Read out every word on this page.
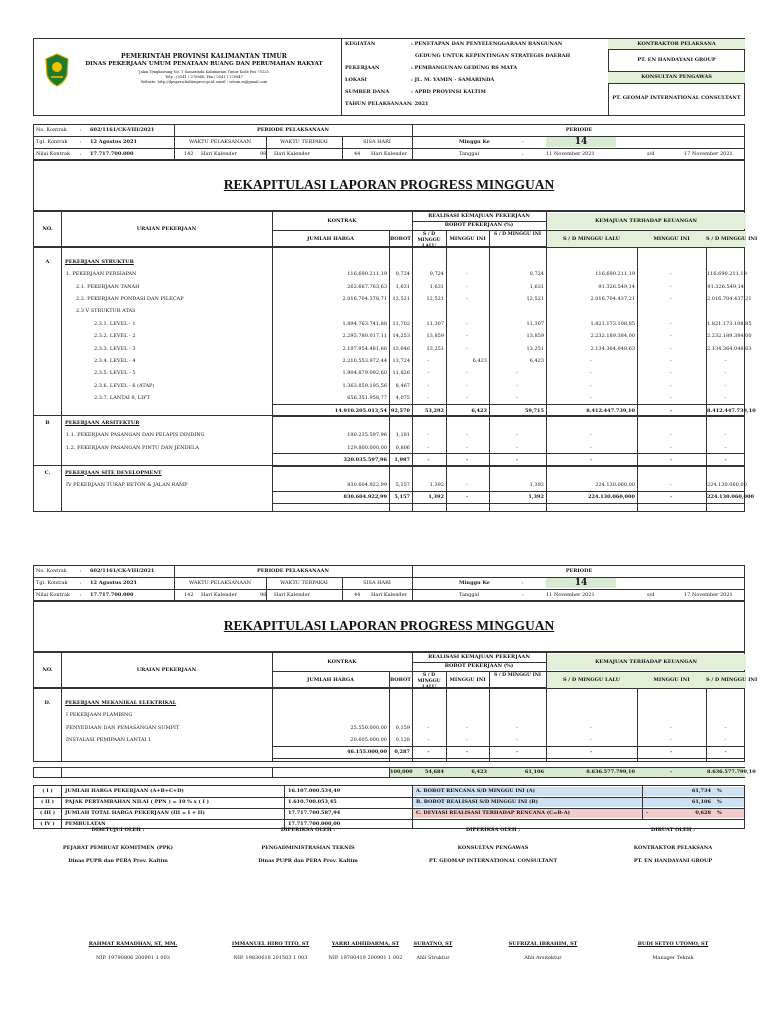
PEMERINTAH PROVINSI KALIMANTAN TIMUR
DINAS PEKERJAAN UMUM PENATAAN RUANG DAN PERUMAHAN RAKYAT
Jalan Tengkawang No. 1 Samarinda Kalimantan Timur Kode Pos 75125
Telp : (0541 ) 270846, Fax / 0541 ) 270847
Website: http://dpupera-kaltimprov.go.id email : setum.m@gmail.com
KEGIATAN	: PENETAPAN DAN PENYELENGGARAAN BANGUNAN
GEDUNG UNTUK KEPENTINGAN STRATEGIS DAERAH
PEKERJAAN	: PEMBANGUNAN GEDUNG RS MATA
LOKASI	: JL. M. YAMIN - SAMARINDA
SUMBER DANA	: APBD PROVINSI KALTIM
TAHUN PELAKSANAAN : 2021
KONTRAKTOR PELAKSANA
PT. EN HANDAYANI GROUP
KONSULTAN PENGAWAS
PT. GEOMAP INTERNATIONAL CONSULTANT
No. Kontrak	: 602/1161/CK-VIII/2021
Tgl. Kontrak : 12 Agustus 2021
Nilai Kontrak : 17.717.700.000
PERIODE PELAKSANAAN
WAKTU PELAKSANAAN	WAKTU TERPAKAI	SISA HARI
142 Hari Kalender	98 Hari Kalender	44 Hari Kalender
PERIODE
Minggu Ke	:	14
Tanggal	:	11 November 2021	s/d	17 November 2021
REKAPITULASI LAPORAN PROGRESS MINGGUAN
NO.	URAIAN PEKERJAAN
KONTRAK
JUMLAH HARGA	BOBOT
REALISASI KEMAJUAN PEKERJAAN
BOBOT PEKERJAAN (%)
S / D MINGGU LALU
MINGGU INI
S / D MINGGU INI
KEMAJUAN TERHADAP KEUANGAN
S / D MINGGU LALU	MINGGU INI	S / D MINGGU INI
A	PEKERJAAN STRUKTUR
1. PEKERJAAN PERSIAPAN	116.690.211,19	0,724	0,724	-	0,724	116.690.211,19	-	116.690.211,19
2.1. PEKERJAAN TANAH	262.667.763,63	1,631	1,631	-	1,631	91.326.549,14	-	91.326.549,14
2.2. PEKERJAAN PONDASI DAN PILECAP	2.016.704.378,71	12,521	12,521	-	12,521	2.016.704.437,21	-	2.016.704.437,21
2.3 V STRUKTUR ATAS
2.3.1. LEVEL - 1	1.894.763.741,88	11,702	11,307	-	11,307	1.821.173.108,85	-	1.821.173.108,85
2.3.2. LEVEL - 2	2.295.780.017,11	14,253	13,859	-	13,859	2.232.189.384,00	-	2.232.189.384,00
2.3.3. LEVEL - 3	2.197.954.481,66	13,646	13,251	-	13,251	2.134.364.048,63	-	2.134.364.048,63
2.3.4. LEVEL - 4	2.210.553.972,44	13,724	-	6,423	6,423	-	-	-
2.3.5. LEVEL - 5	1.904.879.092,60	11,826	-	-	-	-	-	-
2.3.6. LEVEL - 6 (ATAP)	1.363.859.195,56	8,467	-	-	-	-	-	-
2.3.7. LANTAI 8, LIFT	656.351.958,77	4,075	-	-	-	-	-	-
14.910.205.013,54 92,570	53,292	6,423	59,715	8.412.447.739,10	-	8.412.447.739,10
B	PEKERJAAN ARSITEKTUR
1.1. PEKERJAAN PASANGAN DAN PELAPIS DINDING	190.235.597,96	1,181	-	-	-	-	-	-
1.2. PEKERJAAN PASANGAN PINTU DAN JENDELA	129.800.000,00	0,806	-	-	-	-	-	-
320.035.597,96	1,987	-	-	-	-	-	-
C.	PEKERJAAN SITE DEVELOPMENT
IV PEKERJAAN TURAP BETON & JALAN RAMP	830.604.922,99	5,157	1,392	-	1,392	224.130.060,00	-	224.130.060,00
830.604.922,99	5,157	1,392	-	1,392	224.130.060,000	-	224.130.060,000
No. Kontrak	: 602/1161/CK-VIII/2021
Tgl. Kontrak : 12 Agustus 2021
Nilai Kontrak : 17.717.700.000
PERIODE PELAKSANAAN
WAKTU PELAKSANAAN	WAKTU TERPAKAI	SISA HARI
142 Hari Kalender	98 Hari Kalender	44 Hari Kalender
PERIODE
Minggu Ke	:	14
Tanggal	:	11 November 2021	s/d	17 November 2021
REKAPITULASI LAPORAN PROGRESS MINGGUAN
NO.	URAIAN PEKERJAAN
KONTRAK
JUMLAH HARGA	BOBOT
REALISASI KEMAJUAN PEKERJAAN
BOBOT PEKERJAAN (%)
S / D MINGGU LALU
MINGGU INI
S / D MINGGU INI
KEMAJUAN TERHADAP KEUANGAN
S / D MINGGU LALU	MINGGU INI	S / D MINGGU INI
D.	PEKERJAAN MEKANIKAL ELEKTRIKAL
I PEKERJAAN PLAMBING
PENYEDIAAN DAN PEMASANGAN SUMPIT	25.550.000,00	0,159	-	-	-	-	-	-
INSTALASI PEMIPAAN LANTAI 1	20.605.000,00	0,128	-	-	-	-	-	-
46.155.000,00	0,287	-	-	-	-	-	-
100,000	54,684	6,423	61,106	8.636.577.799,10	-	8.636.577.799,10
( I )	JUMLAH HARGA PEKERJAAN (A+B+C+D)	16.107.000.534,49
( II )	PAJAK PERTAMBAHAN NILAI ( PPN ) = 10 % x ( I )	1.610.700.053,45
( III )	JUMLAH TOTAL HARGA PEKERJAAN (III = I + II)	17.717.700.587,94
( IV )	PEMBULATAN	17.717.700.000,00
A. BOBOT RENCANA S/D MINGGU INI (A)	61,734 %
B. BOBOT REALISASI S/D MINGGU INI (B)	61,106 %
C. DEVIASI REALISASI TERHADAP RENCANA (C=B-A)	-	0,628 %
DISETUJUI OLEH :
PEJABAT PEMBUAT KOMITMEN (PPK)
Dinas PUPR dan PERA Prov. Kaltim
DIPERIKSA OLEH :
PENGADMINISTRASIAN TEKNIS
Dinas PUPR dan PERA Prov. Kaltim
DIPERIKSA OLEH :
KONSULTAN PENGAWAS
PT. GEOMAP INTERNATIONAL CONSULTANT
DIBUAT OLEH :
KONTRAKTOR PELAKSANA
PT. EN HANDAYANI GROUP
RAHMAT RAMADHAN, ST, MM.
NIP. 19790806 200901 1 003
IMMANUEL HIRO TITO, ST
NIP. 19830618 201503 1 003
YARRI ADHIDARMA, ST
NIP. 19780419 200901 1 002
SUBATNO, ST
Ahli Struktur
SUFRIZAL IBRAHIM, ST
Ahli Arsitektur
BUDI SETYO UTOMO, ST
Manager Teknik
